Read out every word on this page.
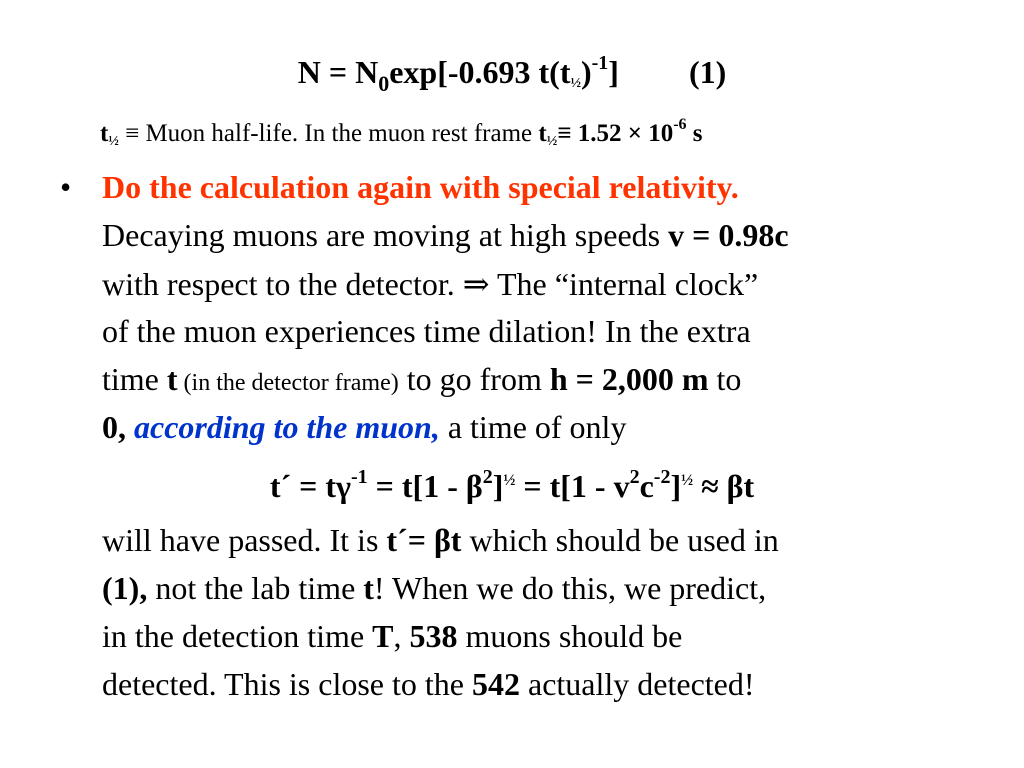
$N = N_0\exp[-0.693$ t(t½)$^{-1}$] (1)
t½ ≡ Muon half-life. In the muon rest frame t½≡ $1.52 \times 10^{-6}$ s
• Do the calculation again with special relativity.
Decaying muons are moving at high speeds v = 0.98c
with respect to the detector. ⇒ The “internal clock”
of the muon experiences time dilation! In the extra
time t (in the detector frame) to go from h = 2,000 m to
0, according to the muon, a time of only
t´ = $t\gamma^{-1} = t[1 - \beta^2]^{\frac{1}{2}} = t[1 - v^2c^{-2}]^{\frac{1}{2}} \approx \beta t$
will have passed. It is t´= βt which should be used in
(1), not the lab time t! When we do this, we predict,
in the detection time T, 538 muons should be
detected. This is close to the 542 actually detected!
